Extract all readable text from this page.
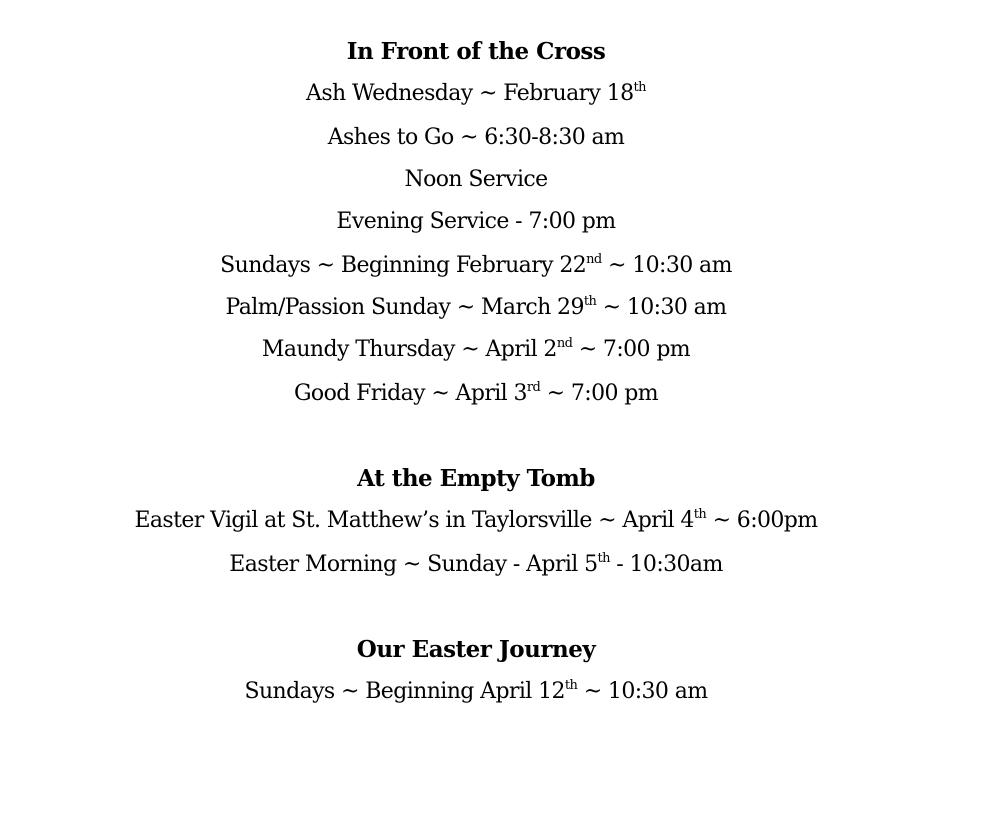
In Front of the Cross
Ash Wednesday ~ February 18th
Ashes to Go ~ 6:30-8:30 am
Noon Service
Evening Service - 7:00 pm
Sundays ~ Beginning February 22nd ~ 10:30 am
Palm/Passion Sunday ~ March 29th ~ 10:30 am
Maundy Thursday ~ April 2nd ~ 7:00 pm
Good Friday ~ April 3rd ~ 7:00 pm
At the Empty Tomb
Easter Vigil at St. Matthew’s in Taylorsville ~ April 4th ~ 6:00pm
Easter Morning ~ Sunday - April 5th - 10:30am
Our Easter Journey
Sundays ~ Beginning April 12th ~ 10:30 am
